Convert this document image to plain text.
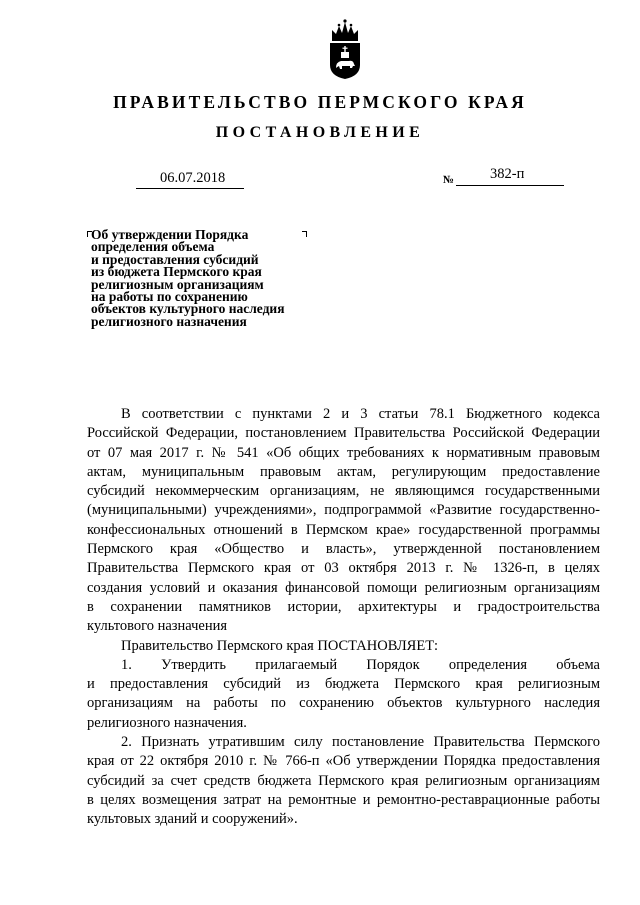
ПРАВИТЕЛЬСТВО ПЕРМСКОГО КРАЯ
ПОСТАНОВЛЕНИЕ
06.07.2018	№ 382-п
Об утверждении Порядка
определения объема
и предоставления субсидий
из бюджета Пермского края
религиозным организациям
на работы по сохранению
объектов культурного наследия
религиозного назначения

В соответствии с пунктами 2 и 3 статьи 78.1 Бюджетного кодекса

Российской Федерации, постановлением Правительства Российской Федерации

от 07 мая 2017 г. № 541 «Об общих требованиях к нормативным правовым

актам, муниципальным правовым актам, регулирующим предоставление

субсидий некоммерческим организациям, не являющимся государственными

(муниципальными) учреждениями», подпрограммой «Развитие государственно-

конфессиональных отношений в Пермском крае» государственной программы

Пермского края «Общество и власть», утвержденной постановлением

Правительства Пермского края от 03 октября 2013 г. № 1326-п, в целях

создания условий и оказания финансовой помощи религиозным организациям

в сохранении памятников истории, архитектуры и градостроительства

культового назначения

Правительство Пермского края ПОСТАНОВЛЯЕТ:

1. Утвердить прилагаемый Порядок определения объема

и предоставления субсидий из бюджета Пермского края религиозным

организациям на работы по сохранению объектов культурного наследия

религиозного назначения.

2. Признать утратившим силу постановление Правительства Пермского

края от 22 октября 2010 г. № 766-п «Об утверждении Порядка предоставления

субсидий за счет средств бюджета Пермского края религиозным организациям

в целях возмещения затрат на ремонтные и ремонтно-реставрационные работы

культовых зданий и сооружений».
